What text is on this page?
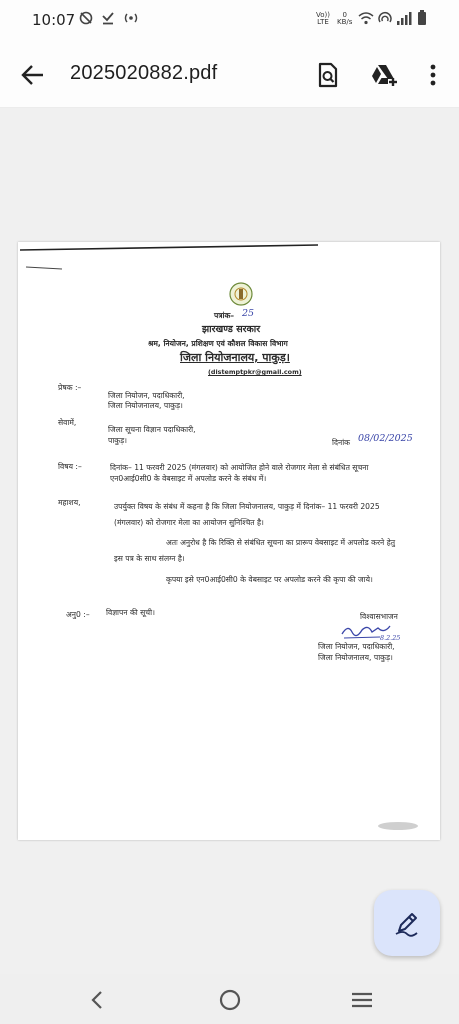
10:07	Vo))
LTE
0
KB/s
2025020882.pdf
पत्रांक– 25
झारखण्ड सरकार
श्रम, नियोजन, प्रशिक्षण एवं कौशल विकास विभाग
जिला नियोजनालय, पाकुड़।
(distemptpkr@gmail.com)
प्रेषक :–
जिला नियोजन, पदाधिकारी,
जिला नियोजनालय, पाकुड़।
सेवामें,
जिला सूचना विज्ञान पदाधिकारी,
पाकुड़।	दिनांक 08/02/2025
विषय :–	दिनांक– 11 फरवरी 2025 (मंगलवार) को आयोजित होने वाले रोजगार मेला से संबंधित सूचना
एन0आई0सी0 के वेबसाइट में अपलोड करने के संबंध में।
महाशय,	उपर्युक्त विषय के संबंध में कहना है कि जिला नियोजनालय, पाकुड़ में दिनांक– 11 फरवरी 2025
(मंगलवार) को रोजगार मेला का आयोजन सुनिश्चित है।
अतः अनुरोध है कि रिक्ति से संबंधित सूचना का प्रारूप वेबसाइट में अपलोड करने हेतु
इस पत्र के साथ संलग्न है।
कृपया इसे एन0आई0सी0 के वेबसाइट पर अपलोड करने की कृपा की जाये।
अनु0 :– विज्ञापन की सूची।	विश्वासभाजन
8.2.25
जिला नियोजन, पदाधिकारी,
जिला नियोजनालय, पाकुड़।
